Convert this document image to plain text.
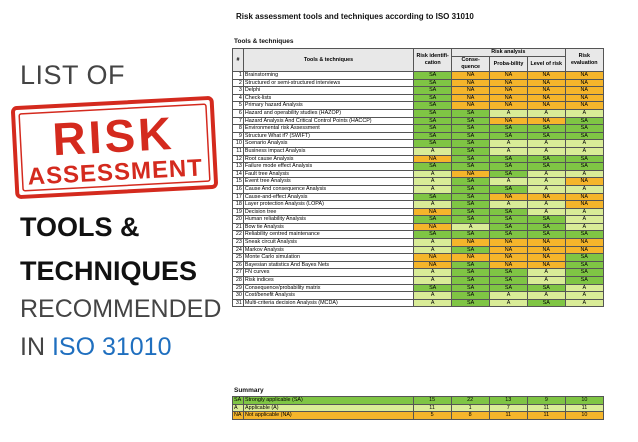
LIST OF
RISK
ASSESSMENT
TOOLS &
TECHNIQUES
RECOMMENDED
IN ISO 31010
Risk assessment tools and techniques according to ISO 31010
Tools & techniques
#	Tools & techniques	Risk identifi-cation	Risk analysis			Risk evaluation
			Conse-quence	Proba-bility	Level of risk	
1	Brainstorming	SA	NA	NA	NA	NA
2	Structured or semi-structured interviews	SA	NA	NA	NA	NA
3	Delphi	SA	NA	NA	NA	NA
4	Check-lists	SA	NA	NA	NA	NA
5	Primary hazard Analysis	SA	NA	NA	NA	NA
6	Hazard and operability studies (HAZOP)	SA	SA	A	A	A
7	Hazard Analysis And Critical Control Points (HACCP)	SA	SA	NA	NA	SA
8	Environmental risk Assessment	SA	SA	SA	SA	SA
9	Structure What if? (SWIFT)	SA	SA	SA	SA	SA
10	Scenario Analysis	SA	SA	A	A	A
11	Business impact Analysis	A	SA	A	A	A
12	Root cause Analysis	NA	SA	SA	SA	SA
13	Failure mode effect Analysis	SA	SA	SA	SA	SA
14	Fault tree Analysis	A	NA	SA	A	A
15	Event tree Analysis	A	SA	A	A	NA
16	Cause And consequence Analysis	A	SA	SA	A	A
17	Cause-and-effect Analysis	SA	SA	NA	NA	NA
18	Layer protection Analysis (LOPA)	A	SA	A	A	NA
19	Decision tree	NA	SA	SA	A	A
20	Human reliability Analysis	SA	SA	SA	SA	A
21	Bow tie Analysis	NA	A	SA	SA	A
22	Reliability centred maintenance	SA	SA	SA	SA	SA
23	Sneak circuit Analysis	A	NA	NA	NA	NA
24	Markov Analysis	A	SA	NA	NA	NA
25	Monte Carlo simulation	NA	NA	NA	NA	SA
26	Bayesian statistics And Bayes Nets	NA	SA	NA	NA	SA
27	FN curves	A	SA	SA	A	SA
28	Risk indices	A	SA	SA	A	SA
29	Consequence/probability matrix	SA	SA	SA	SA	A
30	Cost/benefit Analysis	A	SA	A	A	A
31	Multi-criteria decision Analysis (MCDA)	A	SA	A	SA	A
Summary
SA	Strongly applicable (SA)	15	22	13	9	10
A	Applicable (A)	11	1	7	11	11
NA	Not applicable (NA)	5	8	11	11	10
